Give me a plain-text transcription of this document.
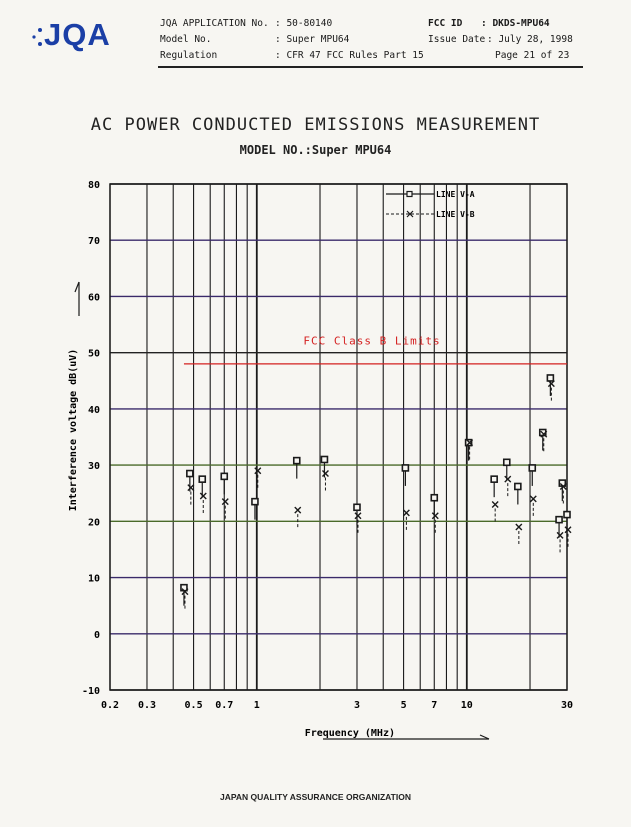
JQA	JQA APPLICATION No. : 50-80140
Model No.	: Super MPU64
Regulation	: CFR 47 FCC Rules Part 15
FCC ID : DKDS-MPU64
Issue Date : July 28, 1998
Page 21 of 23
AC POWER CONDUCTED EMISSIONS MEASUREMENT
MODEL NO.:Super MPU64
-10
0
10
20
30
40
50
60
70
80
0.2 0.3	0.5 0.7 1	3	5 7 10	30
Frequency (MHz)
Interference voltage dB(uV)
FCC Class B Limits
LINE V-A
LINE V-B
JAPAN QUALITY ASSURANCE ORGANIZATION
